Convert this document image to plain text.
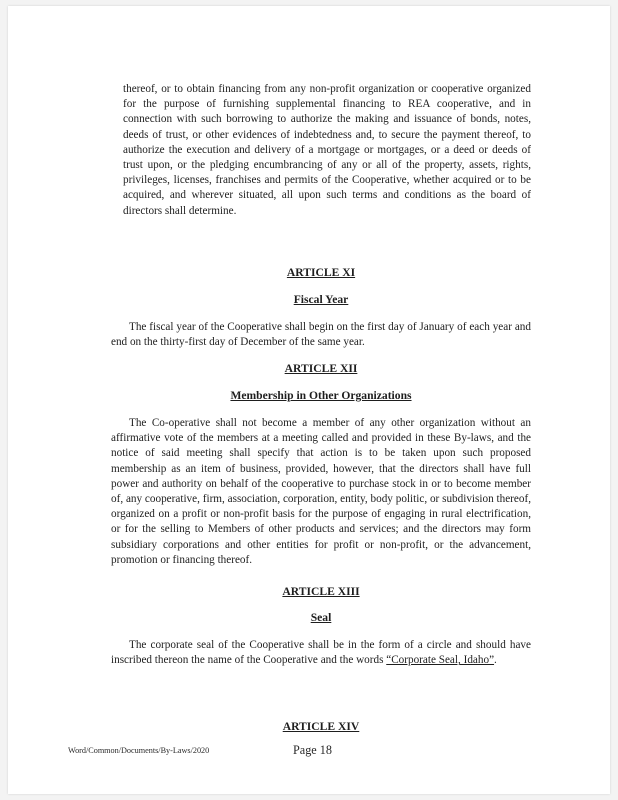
thereof, or to obtain financing from any non-profit organization or cooperative organized for the purpose of furnishing supplemental financing to REA cooperative, and in connection with such borrowing to authorize the making and issuance of bonds, notes, deeds of trust, or other evidences of indebtedness and, to secure the payment thereof, to authorize the execution and delivery of a mortgage or mortgages, or a deed or deeds of trust upon, or the pledging encumbrancing of any or all of the property, assets, rights, privileges, licenses, franchises and permits of the Cooperative, whether acquired or to be acquired, and wherever situated, all upon such terms and conditions as the board of directors shall determine.

ARTICLE XI

Fiscal Year

The fiscal year of the Cooperative shall begin on the first day of January of each year and end on the thirty-first day of December of the same year.

ARTICLE XII

Membership in Other Organizations

The Co-operative shall not become a member of any other organization without an affirmative vote of the members at a meeting called and provided in these By-laws, and the notice of said meeting shall specify that action is to be taken upon such proposed membership as an item of business, provided, however, that the directors shall have full power and authority on behalf of the cooperative to purchase stock in or to become member of, any cooperative, firm, association, corporation, entity, body politic, or subdivision thereof, organized on a profit or non-profit basis for the purpose of engaging in rural electrification, or for the selling to Members of other products and services; and the directors may form subsidiary corporations and other entities for profit or non-profit, or the advancement, promotion or financing thereof.

ARTICLE XIII

Seal

The corporate seal of the Cooperative shall be in the form of a circle and should have inscribed thereon the name of the Cooperative and the words “Corporate Seal, Idaho”.

ARTICLE XIV

Word/Common/Documents/By-Laws/2020	Page 18
